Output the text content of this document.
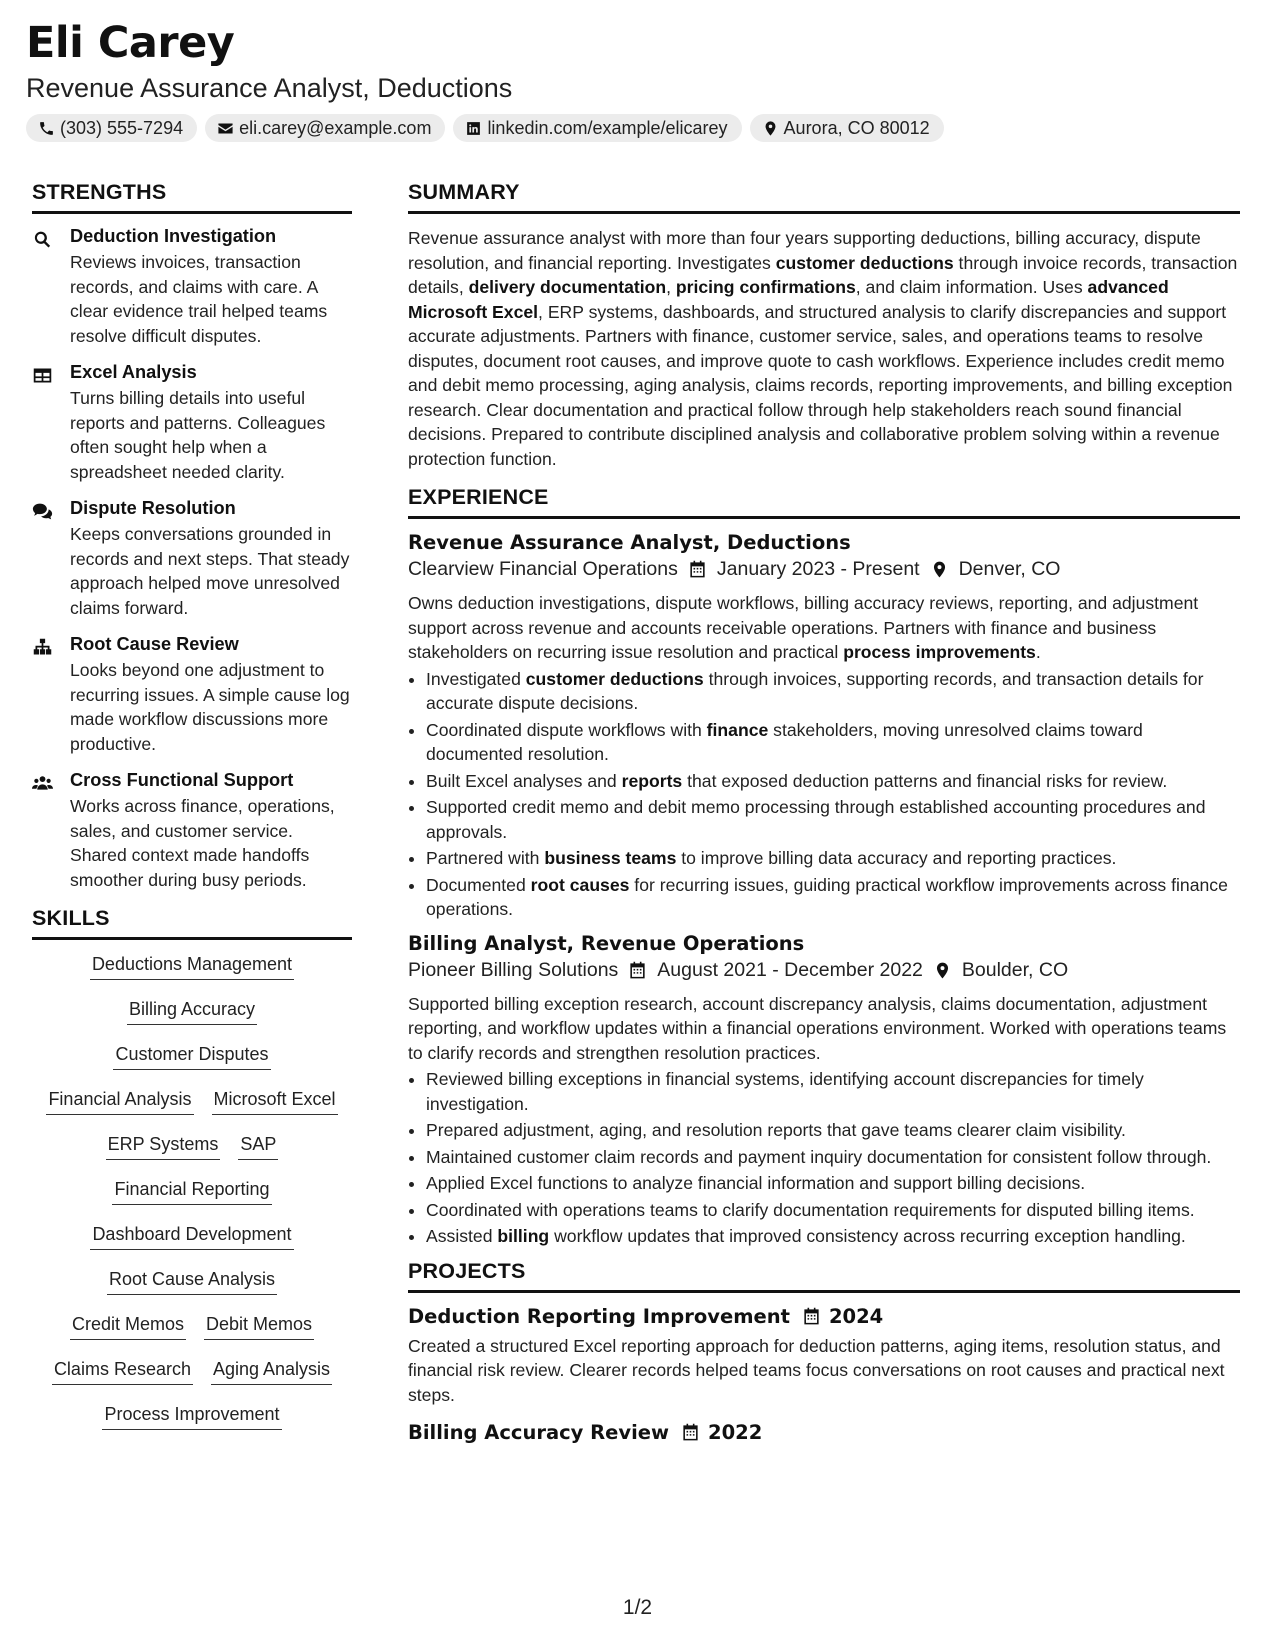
Eli Carey
Revenue Assurance Analyst, Deductions
(303) 555-7294	eli.carey@example.com	linkedin.com/example/elicarey	Aurora, CO 80012
STRENGTHS
Deduction Investigation
Reviews invoices, transaction records, and claims with care. A clear evidence trail helped teams resolve difficult disputes.
Excel Analysis
Turns billing details into useful reports and patterns. Colleagues often sought help when a spreadsheet needed clarity.
Dispute Resolution
Keeps conversations grounded in records and next steps. That steady approach helped move unresolved claims forward.
Root Cause Review
Looks beyond one adjustment to recurring issues. A simple cause log made workflow discussions more productive.
Cross Functional Support
Works across finance, operations, sales, and customer service. Shared context made handoffs smoother during busy periods.
SKILLS
Deductions Management
Billing Accuracy
Customer Disputes
Financial Analysis Microsoft Excel
ERP Systems SAP
Financial Reporting
Dashboard Development
Root Cause Analysis
Credit Memos Debit Memos
Claims Research Aging Analysis
Process Improvement
SUMMARY

Revenue assurance analyst with more than four years supporting deductions, billing accuracy, dispute resolution, and financial reporting. Investigates customer deductions through invoice records, transaction details, delivery documentation, pricing confirmations, and claim information. Uses advanced Microsoft Excel, ERP systems, dashboards, and structured analysis to clarify discrepancies and support accurate adjustments. Partners with finance, customer service, sales, and operations teams to resolve disputes, document root causes, and improve quote to cash workflows. Experience includes credit memo and debit memo processing, aging analysis, claims records, reporting improvements, and billing exception research. Clear documentation and practical follow through help stakeholders reach sound financial decisions. Prepared to contribute disciplined analysis and collaborative problem solving within a revenue protection function.

EXPERIENCE
Revenue Assurance Analyst, Deductions
Clearview Financial Operations January 2023 - Present Denver, CO

Owns deduction investigations, dispute workflows, billing accuracy reviews, reporting, and adjustment support across revenue and accounts receivable operations. Partners with finance and business stakeholders on recurring issue resolution and practical process improvements.

• Investigated customer deductions through invoices, supporting records, and transaction details for accurate dispute decisions.
• Coordinated dispute workflows with finance stakeholders, moving unresolved claims toward documented resolution.
• Built Excel analyses and reports that exposed deduction patterns and financial risks for review.
• Supported credit memo and debit memo processing through established accounting procedures and approvals.
• Partnered with business teams to improve billing data accuracy and reporting practices.
• Documented root causes for recurring issues, guiding practical workflow improvements across finance operations.
Billing Analyst, Revenue Operations
Pioneer Billing Solutions August 2021 - December 2022 Boulder, CO

Supported billing exception research, account discrepancy analysis, claims documentation, adjustment reporting, and workflow updates within a financial operations environment. Worked with operations teams to clarify records and strengthen resolution practices.

• Reviewed billing exceptions in financial systems, identifying account discrepancies for timely investigation.
• Prepared adjustment, aging, and resolution reports that gave teams clearer claim visibility.
• Maintained customer claim records and payment inquiry documentation for consistent follow through.
• Applied Excel functions to analyze financial information and support billing decisions.
• Coordinated with operations teams to clarify documentation requirements for disputed billing items.
• Assisted billing workflow updates that improved consistency across recurring exception handling.
PROJECTS
Deduction Reporting Improvement 2024

Created a structured Excel reporting approach for deduction patterns, aging items, resolution status, and financial risk review. Clearer records helped teams focus conversations on root causes and practical next steps.

Billing Accuracy Review 2022
1/2
